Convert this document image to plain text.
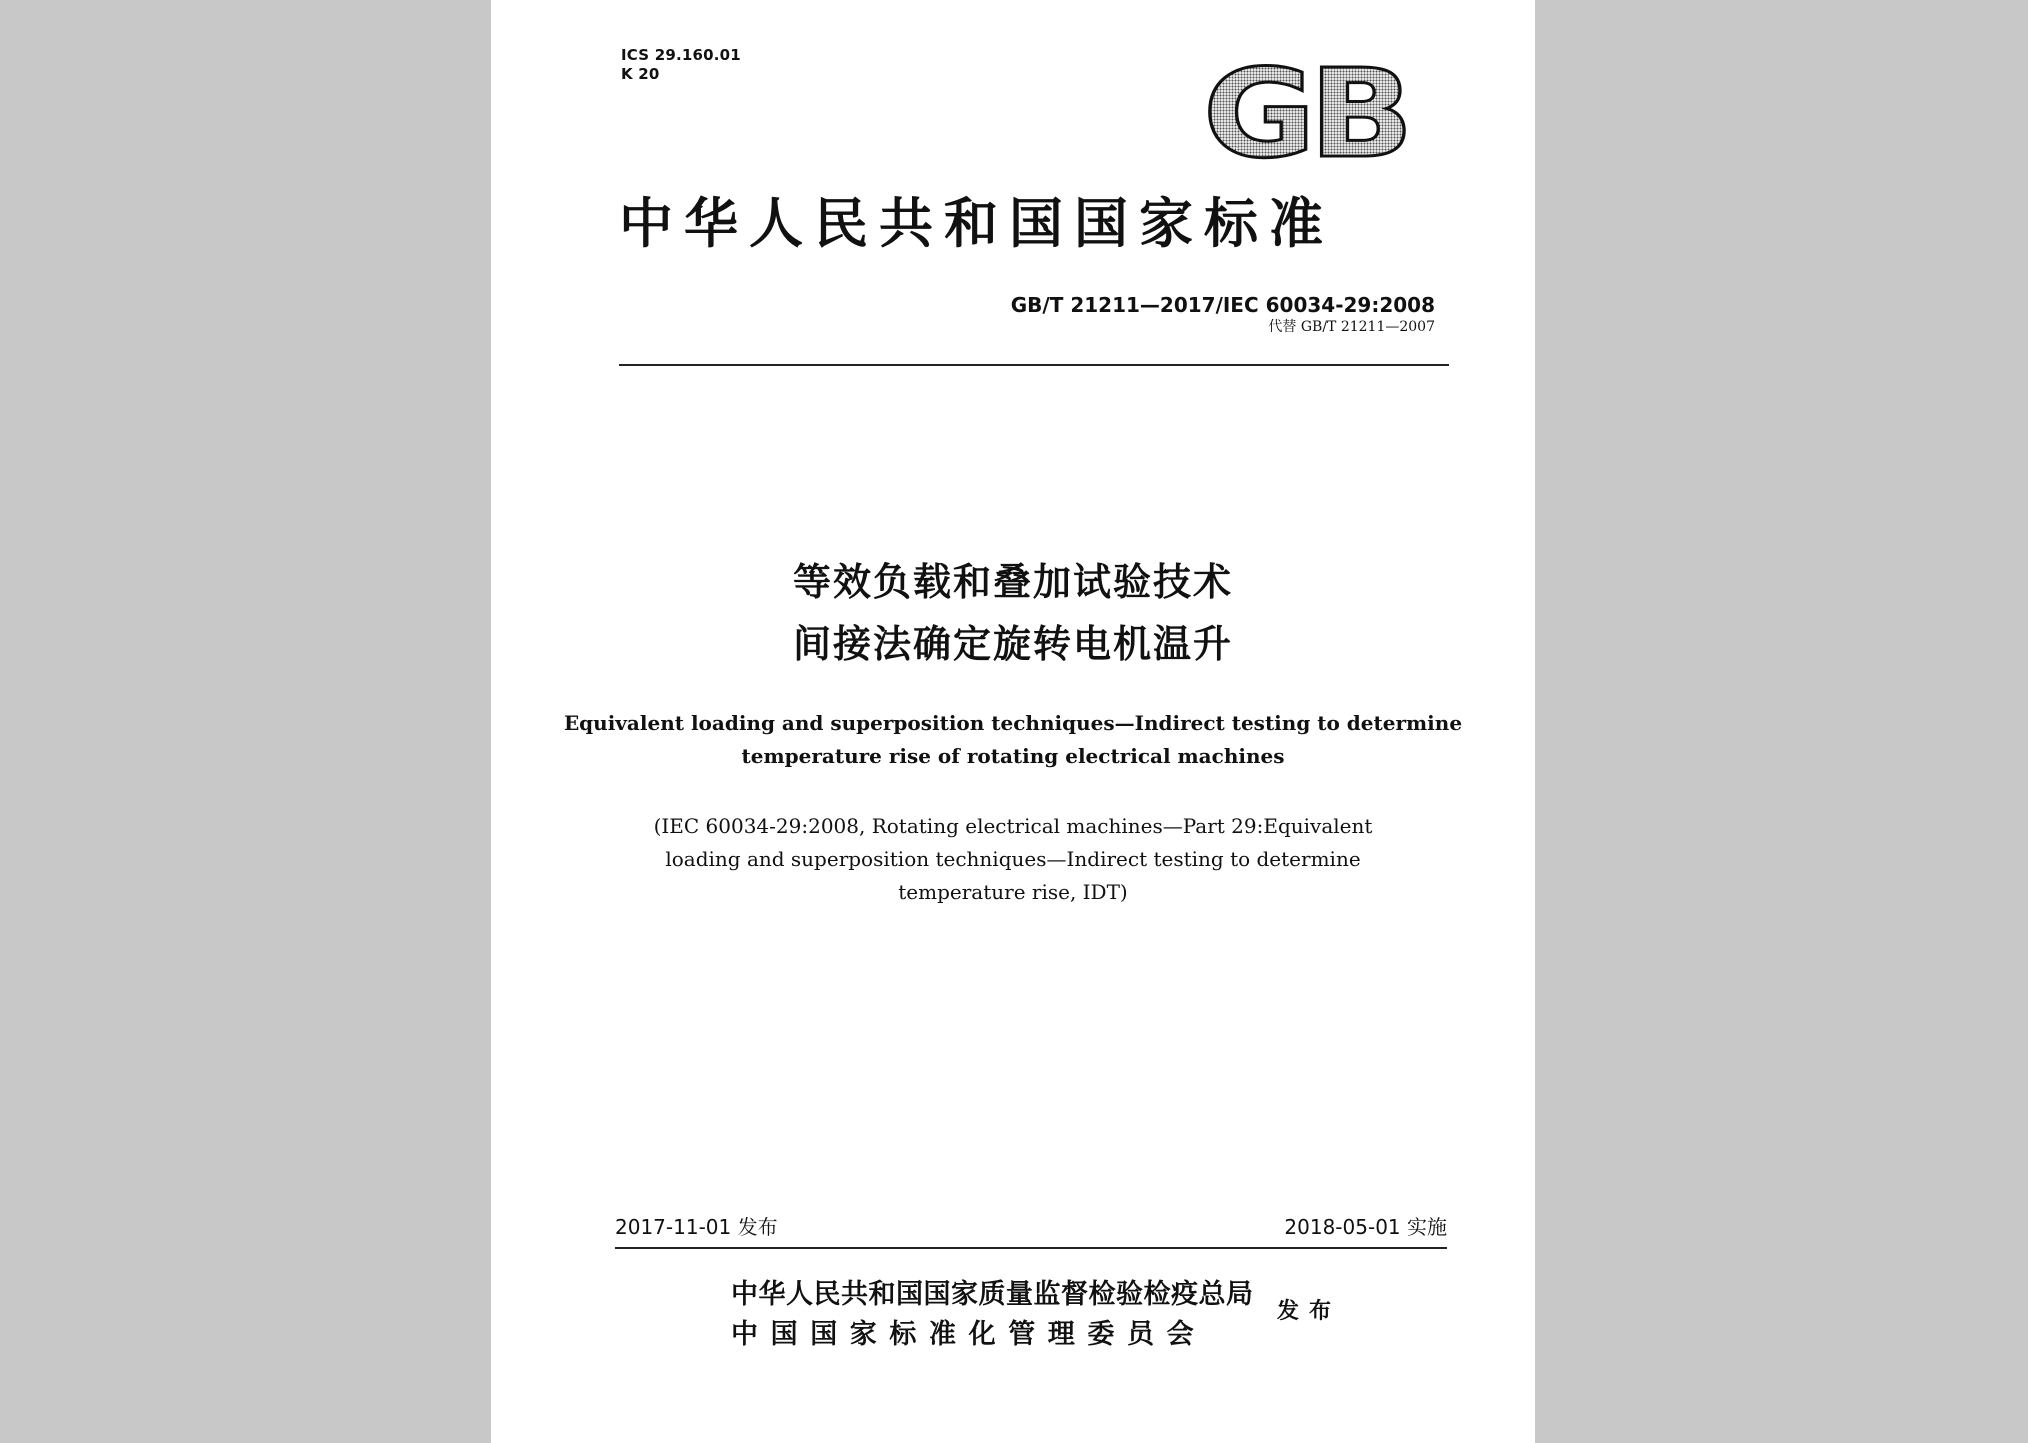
ICS 29.160.01
K 20	GB
中华人民共和国国家标准
GB/T 21211—2017/IEC 60034-29:2008
代替 GB/T 21211—2007
等效负载和叠加试验技术
间接法确定旋转电机温升
Equivalent loading and superposition techniques—Indirect testing to determine
temperature rise of rotating electrical machines
(IEC 60034-29:2008, Rotating electrical machines—Part 29:Equivalent
loading and superposition techniques—Indirect testing to determine
temperature rise, IDT)
2017-11-01 发布	2018-05-01 实施
中华人民共和国国家质量监督检验检疫总局
中国国家标准化管理委员会
发布
